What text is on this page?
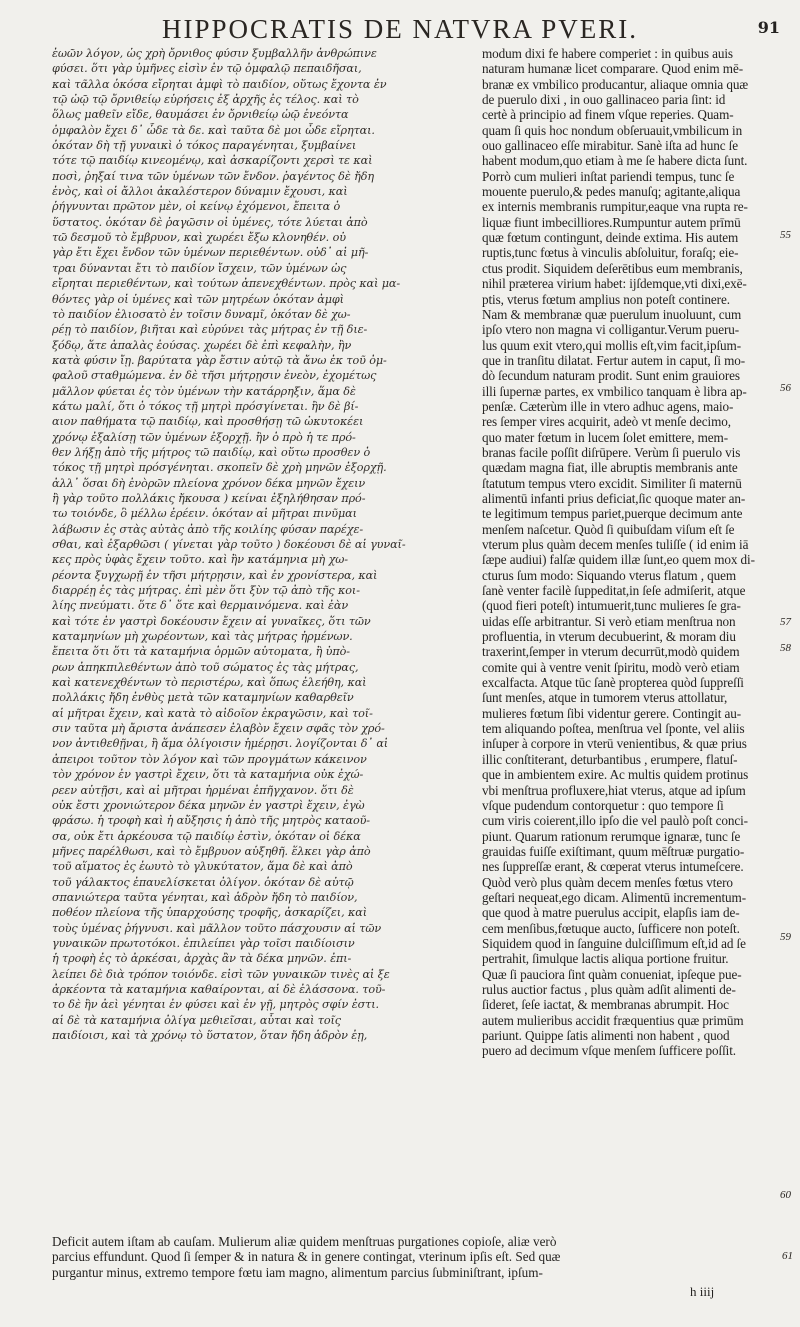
HIPPOCRATIS DE NATVRA PVERI.	91
ἑωῶν λόγον, ὡς χρὴ ὄρνιθος φύσιν ξυμβαλλῆν ἀνθρώπινε
φύσει. ὅτι γὰρ ὑμῆνες εἰσὶν ἐν τῷ ὀμφαλῷ πεπαιδῆσαι,
καὶ τᾶλλα ὁκόσα εἴρηται ἀμφὶ τὸ παιδίον, οὕτως ἔχοντα ἐν
τῷ ὠῷ τῷ ὄρνιθείῳ εὑρήσεις ἐξ ἀρχῆς ἐς τέλος. καὶ τὸ
ὅλως μαθεῖν εἴδε, θαυμάσει ἐν ὄρνιθείῳ ὠῷ ἐνεόντα
ὀμφαλὸν ἔχει δ᾽ ὧδε τὰ δε. καὶ ταῦτα δὲ μοι ὧδε εἴρηται.
ὁκόταν δὴ τῇ γυναικὶ ὁ τόκος παραγένηται, ξυμβαίνει
τότε τῷ παιδίῳ κινεομένῳ, καὶ ἀσκαρίζοντι χερσὶ τε καὶ
ποσὶ, ῥηξαί τινα τῶν ὑμένων τῶν ἔνδον. ῥαγέντος δὲ ἤδη
ἑνὸς, καὶ οἱ ἄλλοι ἀκαλέστερον δύναμιν ἔχουσι, καὶ
ῥήγνυνται πρῶτον μὲν, οἱ κείνῳ ἐχόμενοι, ἔπειτα ὁ
ὕστατος. ὁκόταν δὲ ῥαγῶσιν οἱ ὑμένες, τότε λύεται ἀπὸ
τῶ δεσμοῦ τὸ ἔμβρυον, καὶ χωρέει ἔξω κλονηθέν. οὐ
γὰρ ἔτι ἔχει ἔνδον τῶν ὑμένων περιεθέντων. οὐδ᾽ αἱ μῆ-
τραι δύνανται ἔτι τὸ παιδίον ἴσχειν, τῶν ὑμένων ὡς
εἴρηται περιεθέντων, καὶ τούτων ἀπενεχθέντων. πρὸς καὶ μα-
θόντες γὰρ οἱ ὑμένες καὶ τῶν μητρέων ὁκόταν ἀμφὶ
τὸ παιδίον ἐλιοσατὸ ἐν τοῖσιν δυναμῖ, ὁκόταν δὲ χω-
ρέῃ τὸ παιδίον, βιῆται καὶ εὐρύνει τὰς μήτρας ἐν τῇ διε-
ξόδῳ, ἅτε ἁπαλὰς ἐούσας. χωρέει δὲ ἐπὶ κεφαλὴν, ἢν
κατὰ φύσιν ἴῃ. βαρύτατα γὰρ ἔστιν αὐτῷ τὰ ἄνω ἐκ τοῦ ὀμ-
φαλοῦ σταθμώμενα. ἐν δὲ τῆσι μήτρῃσιν ἐνεὸν, ἐχομέτως
μᾶλλον φύεται ἐς τὸν ὑμένων τὴν κατάρρηξιν, ἅμα δὲ
κάτω μαλί, ὅτι ὁ τόκος τῇ μητρὶ πρόσγίνεται. ἢν δὲ βί-
αιον παθήματα τῷ παιδίῳ, καὶ προσθήσῃ τῶ ὠκυτοκέει
χρόνῳ ἐξαλίσῃ τῶν ὑμένων ἐξορχῇ. ἢν ὁ πρὸ ἡ τε πρό-
θεν λήξῃ ἀπὸ τῆς μήτρος τῶ παιδίῳ, καὶ οὕτω προσθεν ὁ
τόκος τῇ μητρὶ πρόσγένηται. σκοπεῖν δὲ χρὴ μηνῶν ἐξορχῇ.
ἀλλ᾽ ὅσαι δὴ ἐνὸρῶν πλείονα χρόνον δέκα μηνῶν ἔχειν
ἢ γὰρ τοῦτο πολλάκις ἤκουσα ) κείναι ἐξηλήθησαν πρό-
τω τοιόνδε, ὃ μέλλω ἐρέειν. ὁκόταν αἱ μῆτραι πινῦμαι
λάβωσιν ἐς στὰς αὐτὰς ἀπὸ τῆς κοιλίης φύσαν παρέχε-
σθαι, καὶ ἐξαρθῶσι ( γίνεται γὰρ τοῦτο ) δοκέουσι δὲ αἱ γυναῖ-
κες πρὸς ὑφὰς ἔχειν τοῦτο. καὶ ἢν κατάμηνια μὴ χω-
ρέοντα ξυγχωρῇ ἐν τῆσι μήτρῃσιν, καὶ ἐν χρονίστερα, καὶ
διαρρέῃ ἐς τὰς μήτρας. ἐπὶ μὲν ὅτι ξὺν τῷ ἀπὸ τῆς κοι-
λίης πνεύματι. ὅτε δ᾽ ὅτε καὶ θερμαινόμενα. καὶ ἐὰν
καὶ τότε ἐν γαστρὶ δοκέουσιν ἔχειν αἱ γυναῖκες, ὅτι τῶν
καταμηνίων μὴ χωρέοντων, καὶ τὰς μήτρας ἠρμένων.
ἔπειτα ὅτι ὅτι τὰ καταμήνια ὁρμῶν αὐτοματα, ἢ ὑπὸ-
ρων ἀπηκπιλεθέντων ἀπὸ τοῦ σώματος ἐς τὰς μήτρας,
καὶ κατενεχθέντων τὸ περιστέρω, καὶ ὅπως ἐλεήθη, καὶ
πολλάκις ἤδη ἐνθὺς μετὰ τῶν καταμηνίων καθαρθεῖν
αἱ μῆτραι ἔχειν, καὶ κατὰ τὸ αἰδοῖον ἐκραγῶσιν, καὶ τοῖ-
σιν ταῦτα μὴ ἄριστα ἀνάπεσεν ἐλαβὸν ἔχειν σφᾶς τὸν χρό-
νον ἀντιθεθῇναι, ἢ ἅμα ὀλίγοισιν ἡμέρῃσι. λογίζονται δ᾽ αἱ
ἀπειροι τοῦτον τὸν λόγον καὶ τῶν προγμάτων κάκεινον
τὸν χρόνον ἐν γαστρὶ ἔχειν, ὅτι τὰ καταμήνια οὐκ ἐχώ-
ρεεν αὐτῇσι, καὶ αἱ μῆτραι ἠρμέναι ἐπῆγχανον. ὅτι δὲ
οὐκ ἔστι χρονιώτερον δέκα μηνῶν ἐν γαστρὶ ἔχειν, ἐγὼ
φράσω. ἡ τροφὴ καὶ ἡ αὔξησις ἡ ἀπὸ τῆς μητρὸς καταοῦ-
σα, οὐκ ἔτι ἀρκέουσα τῷ παιδίῳ ἐστὶν, ὁκόταν οἱ δέκα
μῆνες παρέλθωσι, καὶ τὸ ἔμβρυον αὐξηθῆ. ἕλκει γὰρ ἀπὸ
τοῦ αἵματος ἐς ἑωυτὸ τὸ γλυκύτατον, ἅμα δὲ καὶ ἀπὸ
τοῦ γάλακτος ἐπαυελίσκεται ὀλίγον. ὁκόταν δὲ αὐτῷ
σπανιώτερα ταῦτα γένηται, καὶ ἁδρὸν ἤδη τὸ παιδίον,
ποθέον πλείονα τῆς ὑπαρχούσης τροφῆς, ἀσκαρίζει, καὶ
τοὺς ὑμένας ῥήγνυσι. καὶ μᾶλλον τοῦτο πάσχουσιν αἱ τῶν
γυναικῶν πρωτοτόκοι. ἐπιλείπει γὰρ τοῖσι παιδίοισιν
ἡ τροφὴ ἐς τὸ ἀρκέσαι, ἀρχὰς ἂν τὰ δέκα μηνῶν. ἐπι-
λείπει δὲ διὰ τρόπον τοιόνδε. εἰσὶ τῶν γυναικῶν τινὲς αἱ ξε
ἀρκέοντα τὰ καταμήνια καθαίρονται, αἱ δὲ ἐλάσσονα. τοῦ-
το δὲ ἢν ἀεὶ γένηται ἐν φύσει καὶ ἐν γῇ, μητρὸς σφίν ἐστι.
αἱ δὲ τὰ καταμήνια ὀλίγα μεθιεῖσαι, αὗται καὶ τοῖς
παιδίοισι, καὶ τὰ χρόνῳ τὸ ὕστατον, ὅταν ἤδη ἁδρὸν ἐῃ,
modum dixi fe habere comperiet : in quibus auis
naturam humanæ licet comparare. Quod enim mē-
branæ ex vmbilico producantur, aliaque omnia quæ
de puerulo dixi , in ouo gallinaceo paria ſint: id
certè à principio ad finem vſque reperies. Quam-
quam ſi quis hoc nondum obſeruauit,vmbilicum in
ouo gallinaceo eſſe mirabitur. Sanè iſta ad hunc ſe
habent modum,quo etiam à me ſe habere dicta ſunt.
Porrò cum mulieri inſtat pariendi tempus, tunc ſe
mouente puerulo,& pedes manuſq; agitante,aliqua
ex internis membranis rumpitur,eaque vna rupta re-
liquæ fiunt imbecilliores.Rumpuntur autem prīmū
quæ fœtum contingunt, deinde extima. His autem
ruptis,tunc fœtus à vinculis abſoluitur, foraſq; eie-
ctus prodit. Siquidem deſerētibus eum membranis,
nihil præterea virium habet: ijſdemque,vti dixi,exē-
ptis, vterus fœtum amplius non poteſt continere.
Nam & membranæ quæ puerulum inuoluunt, cum
ipſo vtero non magna vi colligantur.Verum pueru-
lus quum exit vtero,qui mollis eſt,vim facit,ipſum-
que in tranſitu dilatat. Fertur autem in caput, ſi mo-
dò ſecundum naturam prodit. Sunt enim grauiores
illi ſupernæ partes, ex vmbilico tanquam è libra ap-
penſæ. Cæterùm ille in vtero adhuc agens, maio-
res ſemper vires acquirit, adeò vt menſe decimo,
quo mater fœtum in lucem ſolet emittere, mem-
branas facile poſſit diſrūpere. Verùm ſi puerulo vis
quædam magna fiat, ille abruptis membranis ante
ſtatutum tempus vtero excidit. Similiter ſi maternū
alimentū infanti prius deficiat,ſic quoque mater an-
te legitimum tempus pariet,puerque decimum ante
menſem naſcetur. Quòd ſi quibuſdam viſum eſt ſe
vterum plus quàm decem menſes tuliſſe ( id enim iā
ſæpe audiui) falſæ quidem illæ ſunt,eo quem mox di-
cturus ſum modo: Siquando vterus flatum , quem
ſanè venter facilè ſuppeditat,in ſeſe admiſerit, atque
(quod fieri poteſt) intumuerit,tunc mulieres ſe gra-
uidas eſſe arbitrantur. Si verò etiam menſtrua non
profluentia, in vterum decubuerint, & moram diu
traxerint,ſemper in vterum decurrūt,modò quidem
comite qui à ventre venit ſpiritu, modò verò etiam
excalfacta. Atque tūc ſanè propterea quòd ſuppreſſi
ſunt menſes, atque in tumorem vterus attollatur,
mulieres fœtum ſibi videntur gerere. Contingit au-
tem aliquando poſtea, menſtrua vel ſponte, vel aliis
inſuper à corpore in vterū venientibus, & quæ prius
illic conſtiterant, deturbantibus , erumpere, flatuſ-
que in ambientem exire. Ac multis quidem protinus
vbi menſtrua profluxere,hiat vterus, atque ad ipſum
vſque pudendum contorquetur : quo tempore ſi
cum viris coierent,illo ipſo die vel paulò poſt conci-
piunt. Quarum rationum rerumque ignaræ, tunc ſe
grauidas fuiſſe exiſtimant, quum mēſtruæ purgatio-
nes ſuppreſſæ erant, & cœperat vterus intumeſcere.
Quòd verò plus quàm decem menſes fœtus vtero
geſtari nequeat,ego dicam. Alimentū incrementum-
que quod à matre puerulus accipit, elapſis iam de-
cem menſibus,fœtuque aucto, ſufficere non poteſt.
Siquidem quod in ſanguine dulciſſimum eſt,id ad ſe
pertrahit, ſimulque lactis aliqua portione fruitur.
Quæ ſi pauciora ſint quàm conueniat, ipſeque pue-
rulus auctior factus , plus quàm adſit alimenti de-
ſideret, ſeſe iactat, & membranas abrumpit. Hoc
autem mulieribus accidit fræquentius quæ primūm
pariunt. Quippe ſatis alimenti non habent , quod
puero ad decimum vſque menſem ſufficere poſſit.
55
56
57
58
59
60
Deficit autem iſtam ab cauſam. Mulierum aliæ quidem menſtruas purgationes copioſe, aliæ verò
parcius effundunt. Quod ſi ſemper & in natura & in genere contingat, vterinum ipſis eſt. Sed quæ
purgantur minus, extremo tempore fœtu iam magno, alimentum parcius ſubminiſtrant, ipſum-
61
h iiij
